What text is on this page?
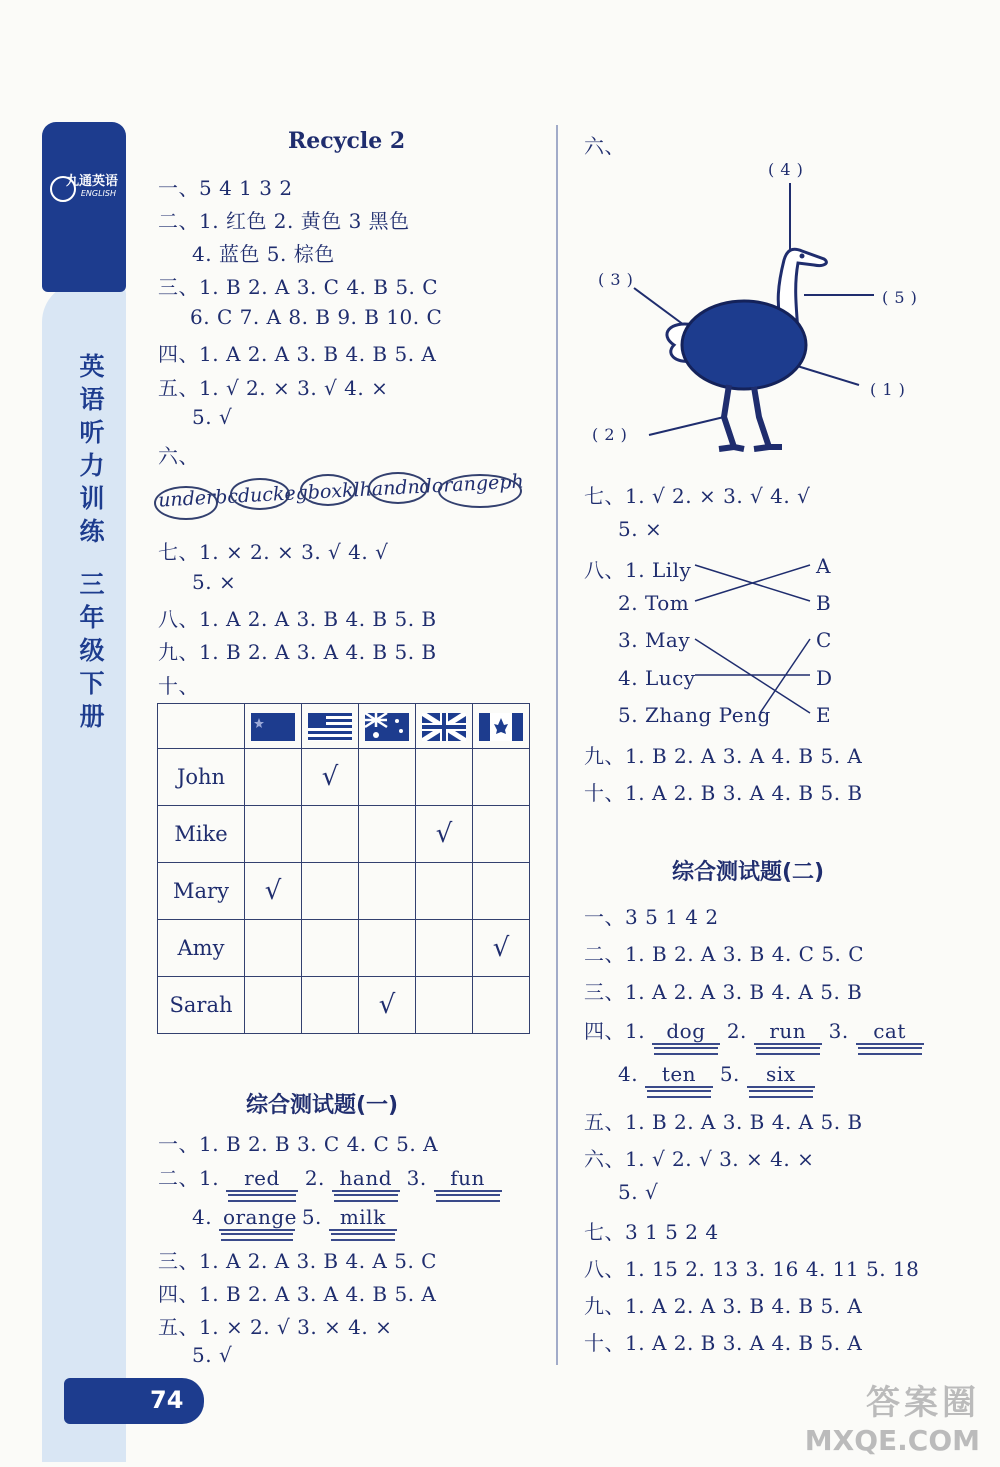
九通英语
ENGLISH
英
语
听
力
训
练
三
年
级
下
册
74
Recycle 2
一、5 4 1 3 2
二、1. 红色 2. 黄色 3 黑色
4. 蓝色 5. 棕色
三、1. B 2. A 3. C 4. B 5. C
6. C 7. A 8. B 9. B 10. C
四、1. A 2. A 3. B 4. B 5. A
五、1. √ 2. × 3. √ 4. ×
5. √
六、
underbcduckegboxklhandndorangeph
七、1. × 2. × 3. √ 4. √
5. ×
八、1. A 2. A 3. B 4. B 5. B
九、1. B 2. A 3. A 4. B 5. B
十、

John		√			
Mike				√	
Mary	√				
Amy					√
Sarah			√		
综合测试题(一)
一、1. B 2. B 3. C 4. C 5. A
二、1. red 2. hand 3. fun
4. orange 5. milk
三、1. A 2. A 3. B 4. A 5. C
四、1. B 2. A 3. A 4. B 5. A
五、1. × 2. √ 3. × 4. ×
5. √
六、
( 4 )
( 3 )
( 5 )
( 1 )
( 2 )
七、1. √ 2. × 3. √ 4. √
5. ×
八、1. Lily
2. Tom
3. May
4. Lucy
5. Zhang Peng
A
B
C
D
E
九、1. B 2. A 3. A 4. B 5. A
十、1. A 2. B 3. A 4. B 5. B
综合测试题(二)
一、3 5 1 4 2
二、1. B 2. A 3. B 4. C 5. C
三、1. A 2. A 3. B 4. A 5. B
四、1. dog 2. run 3. cat
4. ten 5. six
五、1. B 2. A 3. B 4. A 5. B
六、1. √ 2. √ 3. × 4. ×
5. √
七、3 1 5 2 4
八、1. 15 2. 13 3. 16 4. 11 5. 18
九、1. A 2. A 3. B 4. B 5. A
十、1. A 2. B 3. A 4. B 5. A
答案圈
MXQE.COM
